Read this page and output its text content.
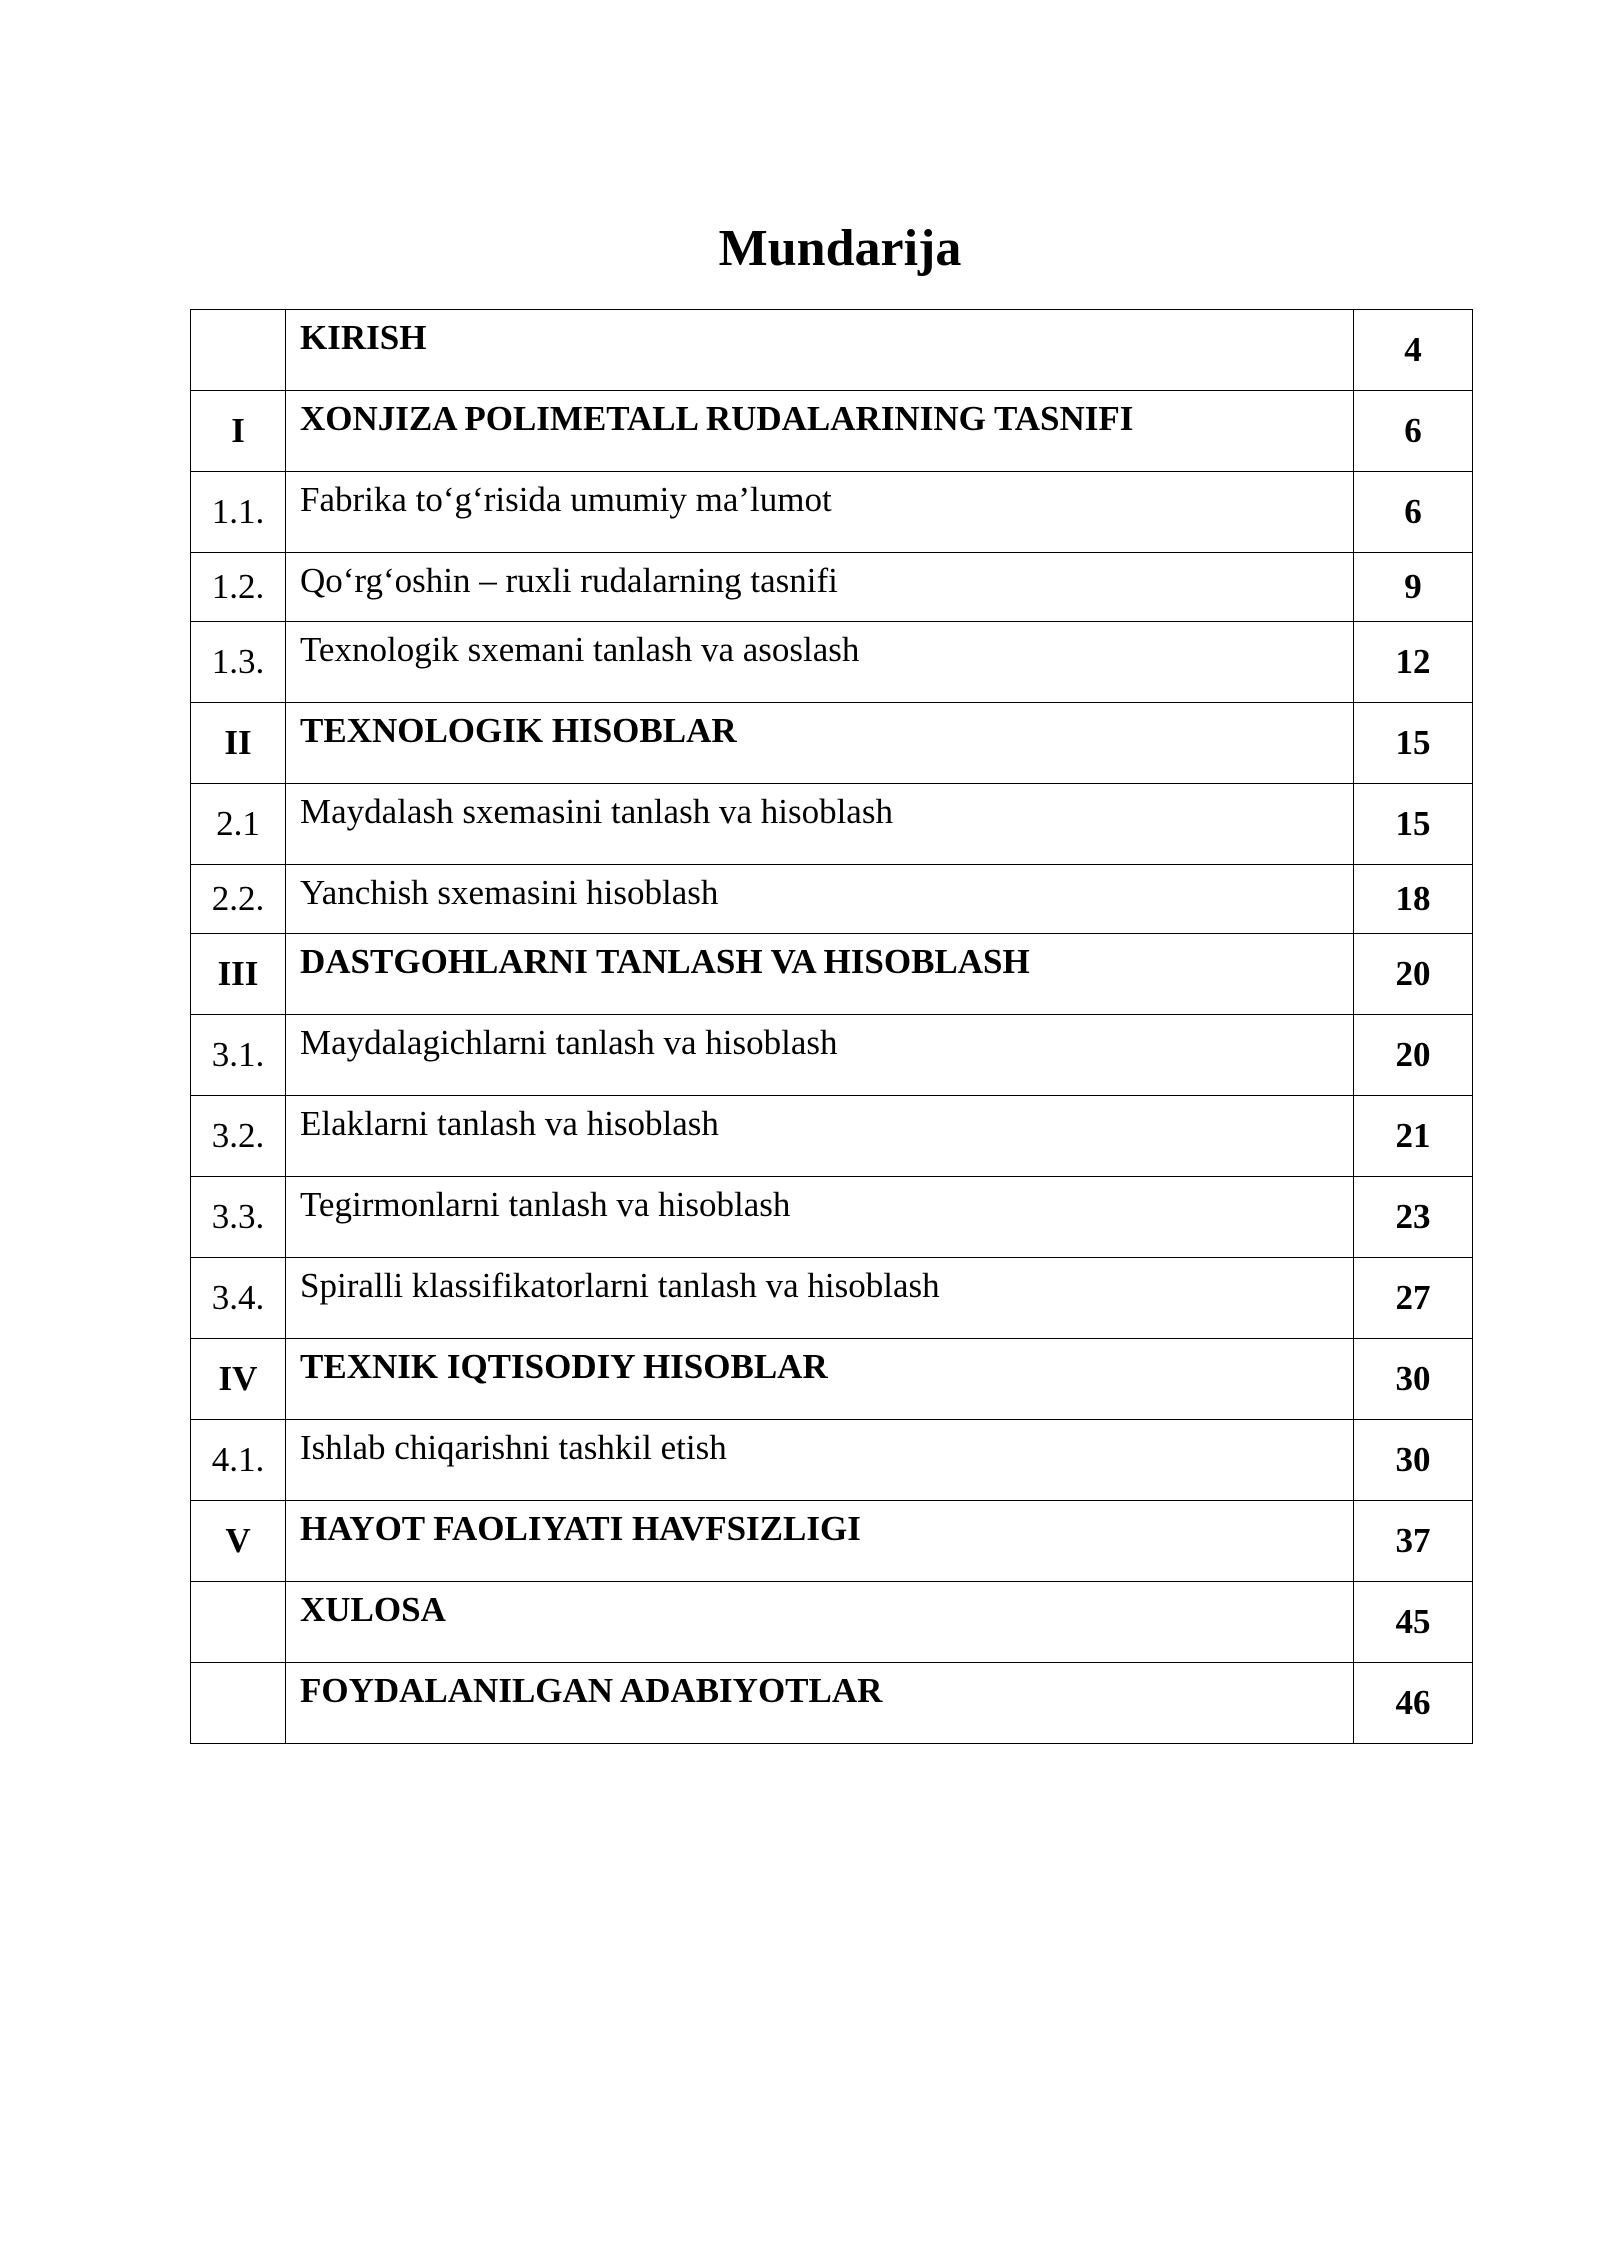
Mundarija
	KIRISH	4
I	XONJIZA POLIMETALL RUDALARINING TASNIFI	6
1.1.	Fabrika to‘g‘risida umumiy ma’lumot	6
1.2.	Qo‘rg‘oshin – ruxli rudalarning tasnifi	9
1.3.	Texnologik sxemani tanlash va asoslash	12
II	TEXNOLOGIK HISOBLAR	15
2.1	Maydalash sxemasini tanlash va hisoblash	15
2.2.	Yanchish sxemasini hisoblash	18
III	DASTGOHLARNI TANLASH VA HISOBLASH	20
3.1.	Maydalagichlarni tanlash va hisoblash	20
3.2.	Elaklarni tanlash va hisoblash	21
3.3.	Tegirmonlarni tanlash va hisoblash	23
3.4.	Spiralli klassifikatorlarni tanlash va hisoblash	27
IV	TEXNIK IQTISODIY HISOBLAR	30
4.1.	Ishlab chiqarishni tashkil etish	30
V	HAYOT FAOLIYATI HAVFSIZLIGI	37
	XULOSA	45
	FOYDALANILGAN ADABIYOTLAR	46
